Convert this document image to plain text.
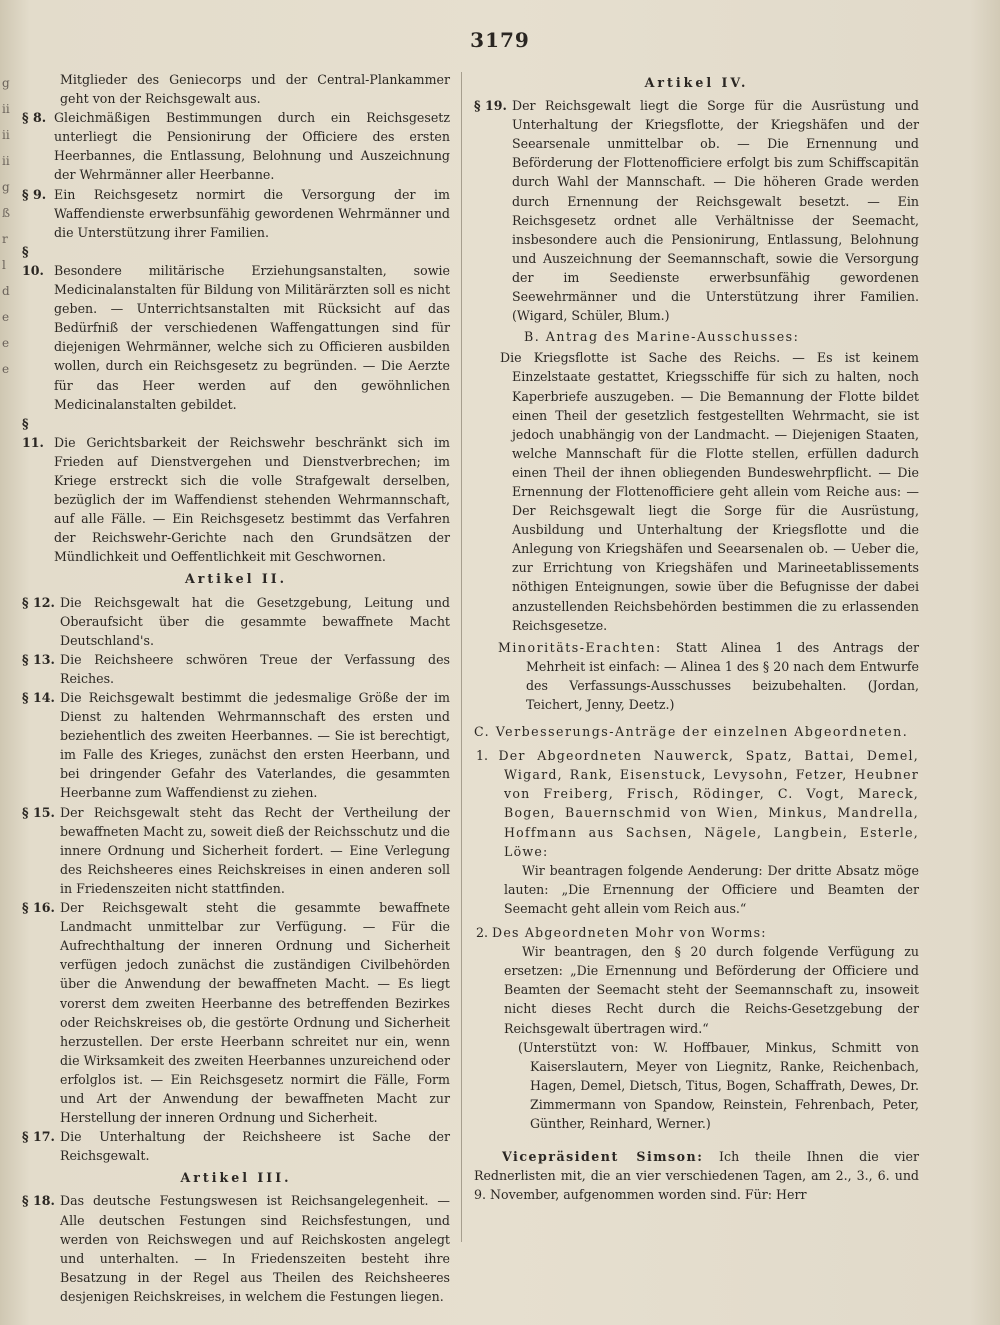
3179
g
ii
ii
ii
g
ß
r
l
d
e
e
e

Mitglieder des Geniecorps und der Central-Plankammer geht von der Reichsgewalt aus.

§ 8. Gleichmäßigen Bestimmungen durch ein Reichsgesetz unterliegt die Pensionirung der Officiere des ersten Heerbannes, die Entlassung, Belohnung und Auszeichnung der Wehrmänner aller Heerbanne.

§ 9. Ein Reichsgesetz normirt die Versorgung der im Waffendienste erwerbsunfähig gewordenen Wehrmänner und die Unterstützung ihrer Familien.

§ 10. Besondere militärische Erziehungsanstalten, sowie Medicinalanstalten für Bildung von Militärärzten soll es nicht geben. — Unterrichtsanstalten mit Rücksicht auf das Bedürfniß der verschiedenen Waffengattungen sind für diejenigen Wehrmänner, welche sich zu Officieren ausbilden wollen, durch ein Reichsgesetz zu begründen. — Die Aerzte für das Heer werden auf den gewöhnlichen Medicinalanstalten gebildet.

§ 11. Die Gerichtsbarkeit der Reichswehr beschränkt sich im Frieden auf Dienstvergehen und Dienstverbrechen; im Kriege erstreckt sich die volle Strafgewalt derselben, bezüglich der im Waffendienst stehenden Wehrmannschaft, auf alle Fälle. — Ein Reichsgesetz bestimmt das Verfahren der Reichswehr-Gerichte nach den Grundsätzen der Mündlichkeit und Oeffentlichkeit mit Geschwornen.

Artikel II.

§ 12. Die Reichsgewalt hat die Gesetzgebung, Leitung und Oberaufsicht über die gesammte bewaffnete Macht Deutschland's.

§ 13. Die Reichsheere schwören Treue der Verfassung des Reiches.

§ 14. Die Reichsgewalt bestimmt die jedesmalige Größe der im Dienst zu haltenden Wehrmannschaft des ersten und beziehentlich des zweiten Heerbannes. — Sie ist berechtigt, im Falle des Krieges, zunächst den ersten Heerbann, und bei dringender Gefahr des Vaterlandes, die gesammten Heerbanne zum Waffendienst zu ziehen.

§ 15. Der Reichsgewalt steht das Recht der Vertheilung der bewaffneten Macht zu, soweit dieß der Reichsschutz und die innere Ordnung und Sicherheit fordert. — Eine Verlegung des Reichsheeres eines Reichskreises in einen anderen soll in Friedenszeiten nicht stattfinden.

§ 16. Der Reichsgewalt steht die gesammte bewaffnete Landmacht unmittelbar zur Verfügung. — Für die Aufrechthaltung der inneren Ordnung und Sicherheit verfügen jedoch zunächst die zuständigen Civilbehörden über die Anwendung der bewaffneten Macht. — Es liegt vorerst dem zweiten Heerbanne des betreffenden Bezirkes oder Reichskreises ob, die gestörte Ordnung und Sicherheit herzustellen. Der erste Heerbann schreitet nur ein, wenn die Wirksamkeit des zweiten Heerbannes unzureichend oder erfolglos ist. — Ein Reichsgesetz normirt die Fälle, Form und Art der Anwendung der bewaffneten Macht zur Herstellung der inneren Ordnung und Sicherheit.

§ 17. Die Unterhaltung der Reichsheere ist Sache der Reichsgewalt.

Artikel III.

§ 18. Das deutsche Festungswesen ist Reichsangelegenheit. — Alle deutschen Festungen sind Reichsfestungen, und werden von Reichswegen und auf Reichskosten angelegt und unterhalten. — In Friedenszeiten besteht ihre Besatzung in der Regel aus Theilen des Reichsheeres desjenigen Reichskreises, in welchem die Festungen liegen.

Artikel IV.

§ 19. Der Reichsgewalt liegt die Sorge für die Ausrüstung und Unterhaltung der Kriegsflotte, der Kriegshäfen und der Seearsenale unmittelbar ob. — Die Ernennung und Beförderung der Flottenofficiere erfolgt bis zum Schiffscapitän durch Wahl der Mannschaft. — Die höheren Grade werden durch Ernennung der Reichsgewalt besetzt. — Ein Reichsgesetz ordnet alle Verhältnisse der Seemacht, insbesondere auch die Pensionirung, Entlassung, Belohnung und Auszeichnung der Seemannschaft, sowie die Versorgung der im Seedienste erwerbsunfähig gewordenen Seewehrmänner und die Unterstützung ihrer Familien. (Wigard, Schüler, Blum.)

B. Antrag des Marine-Ausschusses:

Die Kriegsflotte ist Sache des Reichs. — Es ist keinem Einzelstaate gestattet, Kriegsschiffe für sich zu halten, noch Kaperbriefe auszugeben. — Die Bemannung der Flotte bildet einen Theil der gesetzlich festgestellten Wehrmacht, sie ist jedoch unabhängig von der Landmacht. — Diejenigen Staaten, welche Mannschaft für die Flotte stellen, erfüllen dadurch einen Theil der ihnen obliegenden Bundeswehrpflicht. — Die Ernennung der Flottenofficiere geht allein vom Reiche aus: — Der Reichsgewalt liegt die Sorge für die Ausrüstung, Ausbildung und Unterhaltung der Kriegsflotte und die Anlegung von Kriegshäfen und Seearsenalen ob. — Ueber die, zur Errichtung von Kriegshäfen und Marineetablissements nöthigen Enteignungen, sowie über die Befugnisse der dabei anzustellenden Reichsbehörden bestimmen die zu erlassenden Reichsgesetze.

Minoritäts-Erachten: Statt Alinea 1 des Antrags der Mehrheit ist einfach: — Alinea 1 des § 20 nach dem Entwurfe des Verfassungs-Ausschusses beizubehalten. (Jordan, Teichert, Jenny, Deetz.)

C. Verbesserungs-Anträge der einzelnen Abgeordneten.

1. Der Abgeordneten Nauwerck, Spatz, Battai, Demel, Wigard, Rank, Eisenstuck, Levysohn, Fetzer, Heubner von Freiberg, Frisch, Rödinger, C. Vogt, Mareck, Bogen, Bauernschmid von Wien, Minkus, Mandrella, Hoffmann aus Sachsen, Nägele, Langbein, Esterle, Löwe:

Wir beantragen folgende Aenderung: Der dritte Absatz möge lauten: „Die Ernennung der Officiere und Beamten der Seemacht geht allein vom Reich aus.“

2. Des Abgeordneten Mohr von Worms:

Wir beantragen, den § 20 durch folgende Verfügung zu ersetzen: „Die Ernennung und Beförderung der Officiere und Beamten der Seemacht steht der Seemannschaft zu, insoweit nicht dieses Recht durch die Reichs-Gesetzgebung der Reichsgewalt übertragen wird.“

(Unterstützt von: W. Hoffbauer, Minkus, Schmitt von Kaiserslautern, Meyer von Liegnitz, Ranke, Reichenbach, Hagen, Demel, Dietsch, Titus, Bogen, Schaffrath, Dewes, Dr. Zimmermann von Spandow, Reinstein, Fehrenbach, Peter, Günther, Reinhard, Werner.)

Vicepräsident Simson: Ich theile Ihnen die vier Rednerlisten mit, die an vier verschiedenen Tagen, am 2., 3., 6. und 9. November, aufgenommen worden sind. Für: Herr
